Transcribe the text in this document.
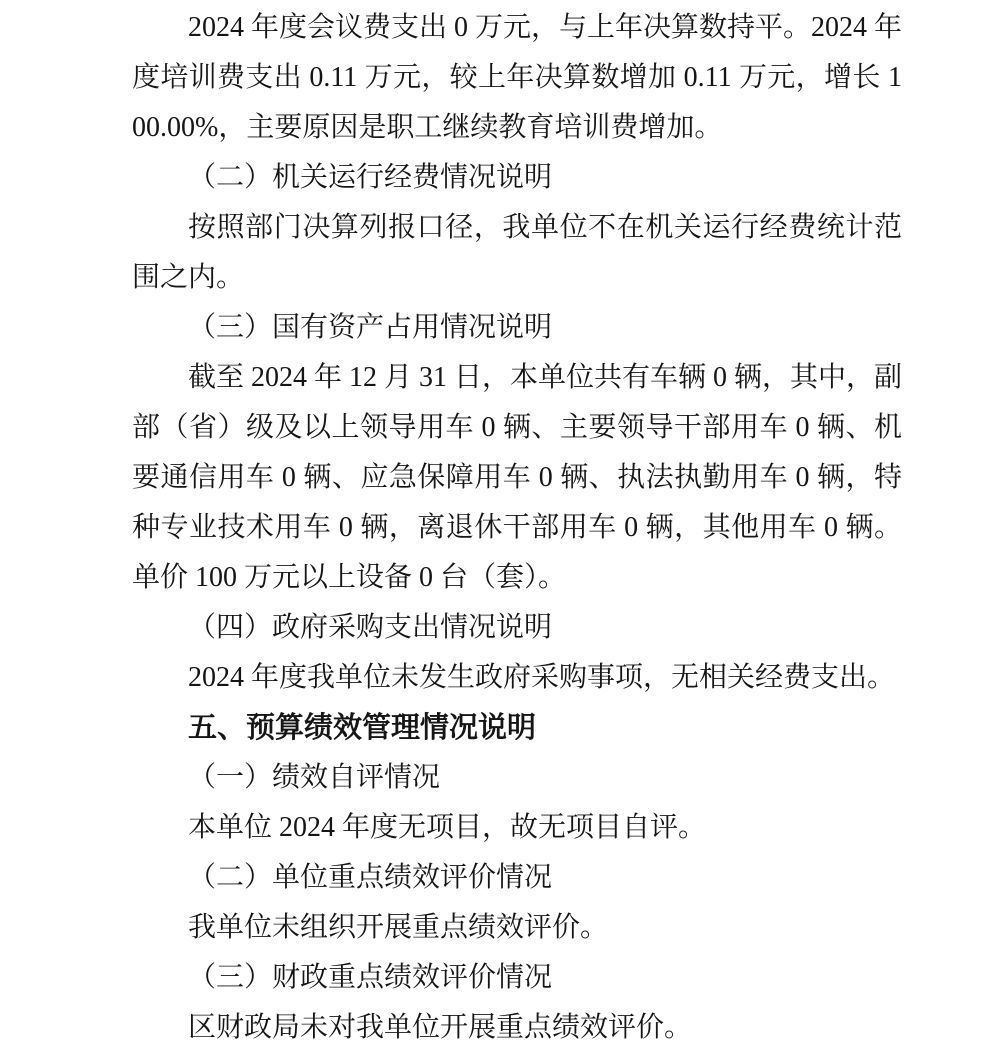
2024 年度会议费支出 0 万元，与上年决算数持平。2024 年度培训费支出 0.11 万元，较上年决算数增加 0.11 万元，增长 100.00%，主要原因是职工继续教育培训费增加。

（二）机关运行经费情况说明

按照部门决算列报口径，我单位不在机关运行经费统计范围之内。

（三）国有资产占用情况说明

截至 2024 年 12 月 31 日，本单位共有车辆 0 辆，其中，副部（省）级及以上领导用车 0 辆、主要领导干部用车 0 辆、机要通信用车 0 辆、应急保障用车 0 辆、执法执勤用车 0 辆，特种专业技术用车 0 辆，离退休干部用车 0 辆，其他用车 0 辆。单价 100 万元以上设备 0 台（套）。

（四）政府采购支出情况说明

2024 年度我单位未发生政府采购事项，无相关经费支出。

五、预算绩效管理情况说明

（一）绩效自评情况

本单位 2024 年度无项目，故无项目自评。

（二）单位重点绩效评价情况

我单位未组织开展重点绩效评价。

（三）财政重点绩效评价情况

区财政局未对我单位开展重点绩效评价。
